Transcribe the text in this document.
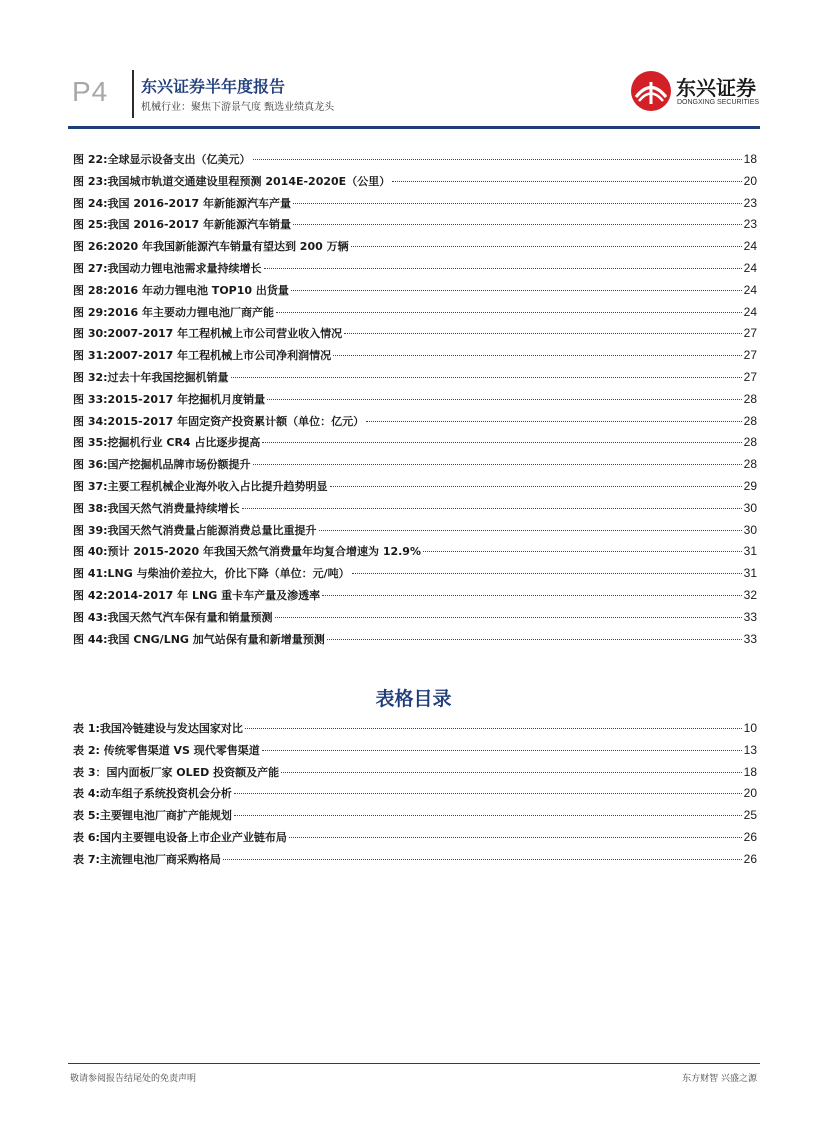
P4 东兴证券半年度报告
机械行业：聚焦下游景气度 甄选业绩真龙头
东兴证券
DONGXING SECURITIES
图 22:全球显示设备支出（亿美元）	18
图 23:我国城市轨道交通建设里程预测 2014E-2020E（公里）	20
图 24:我国 2016-2017 年新能源汽车产量	23
图 25:我国 2016-2017 年新能源汽车销量	23
图 26:2020 年我国新能源汽车销量有望达到 200 万辆	24
图 27:我国动力锂电池需求量持续增长	24
图 28:2016 年动力锂电池 TOP10 出货量	24
图 29:2016 年主要动力锂电池厂商产能	24
图 30:2007-2017 年工程机械上市公司营业收入情况	27
图 31:2007-2017 年工程机械上市公司净利润情况	27
图 32:过去十年我国挖掘机销量	27
图 33:2015-2017 年挖掘机月度销量	28
图 34:2015-2017 年固定资产投资累计额（单位：亿元）	28
图 35:挖掘机行业 CR4 占比逐步提高	28
图 36:国产挖掘机品牌市场份额提升	28
图 37:主要工程机械企业海外收入占比提升趋势明显	29
图 38:我国天然气消费量持续增长	30
图 39:我国天然气消费量占能源消费总量比重提升	30
图 40:预计 2015-2020 年我国天然气消费量年均复合增速为 12.9%	31
图 41:LNG 与柴油价差拉大，价比下降（单位：元/吨）	31
图 42:2014-2017 年 LNG 重卡车产量及渗透率	32
图 43:我国天然气汽车保有量和销量预测	33
图 44:我国 CNG/LNG 加气站保有量和新增量预测	33
表格目录
表 1:我国冷链建设与发达国家对比	10
表 2: 传统零售渠道 VS 现代零售渠道	13
表 3：国内面板厂家 OLED 投资额及产能	18
表 4:动车组子系统投资机会分析	20
表 5:主要锂电池厂商扩产能规划	25
表 6:国内主要锂电设备上市企业产业链布局	26
表 7:主流锂电池厂商采购格局	26
敬请参阅报告结尾处的免责声明	东方财智 兴盛之源
